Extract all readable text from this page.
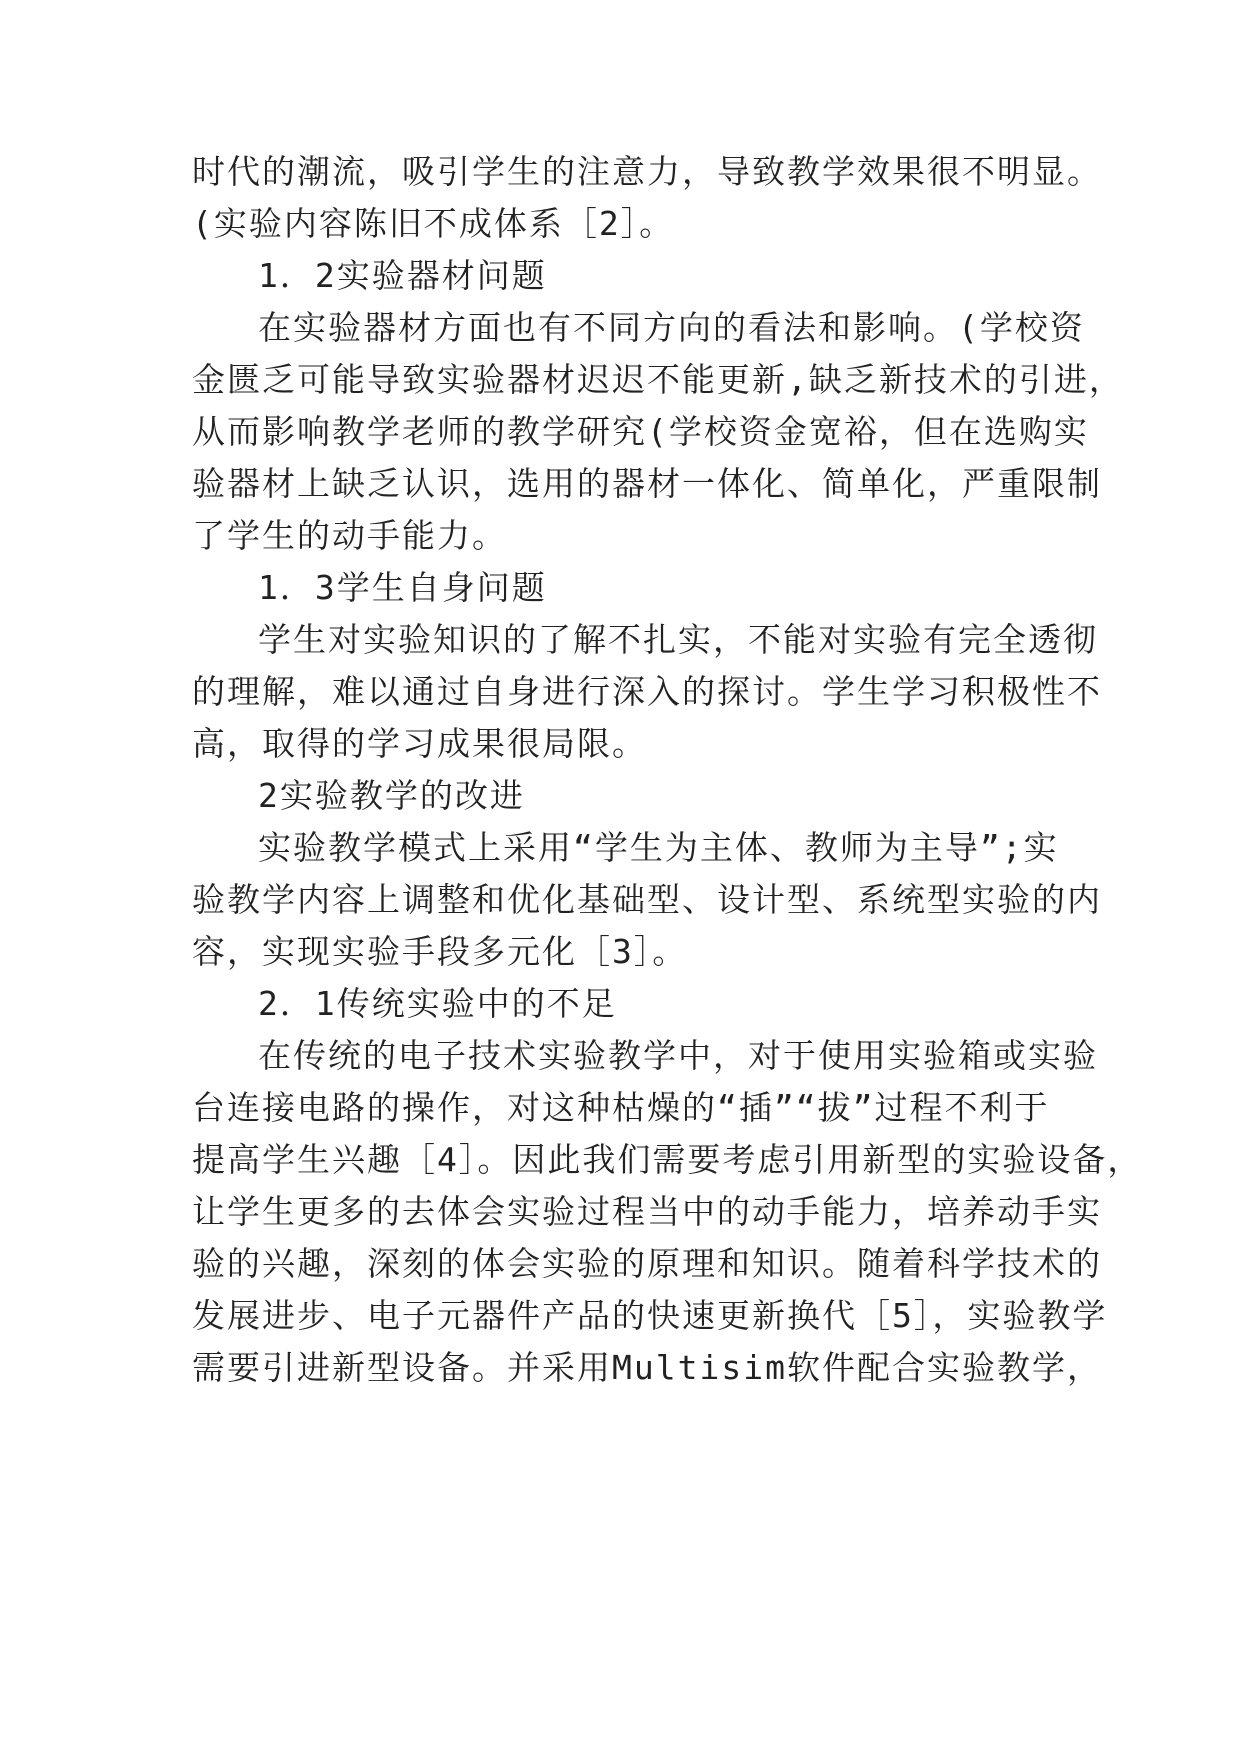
时代的潮流，吸引学生的注意力，导致教学效果很不明显。
(实验内容陈旧不成体系［2］。
1．2实验器材问题
在实验器材方面也有不同方向的看法和影响。(学校资
金匮乏可能导致实验器材迟迟不能更新,缺乏新技术的引进，
从而影响教学老师的教学研究(学校资金宽裕，但在选购实
验器材上缺乏认识，选用的器材一体化、简单化，严重限制
了学生的动手能力。
1．3学生自身问题
学生对实验知识的了解不扎实，不能对实验有完全透彻
的理解，难以通过自身进行深入的探讨。学生学习积极性不
高，取得的学习成果很局限。
2实验教学的改进
实验教学模式上采用“学生为主体、教师为主导”;实
验教学内容上调整和优化基础型、设计型、系统型实验的内
容，实现实验手段多元化［3］。
2．1传统实验中的不足
在传统的电子技术实验教学中，对于使用实验箱或实验
台连接电路的操作，对这种枯燥的“插”“拔”过程不利于
提高学生兴趣［4］。因此我们需要考虑引用新型的实验设备，
让学生更多的去体会实验过程当中的动手能力，培养动手实
验的兴趣，深刻的体会实验的原理和知识。随着科学技术的
发展进步、电子元器件产品的快速更新换代［5］，实验教学
需要引进新型设备。并采用Multisim软件配合实验教学，
